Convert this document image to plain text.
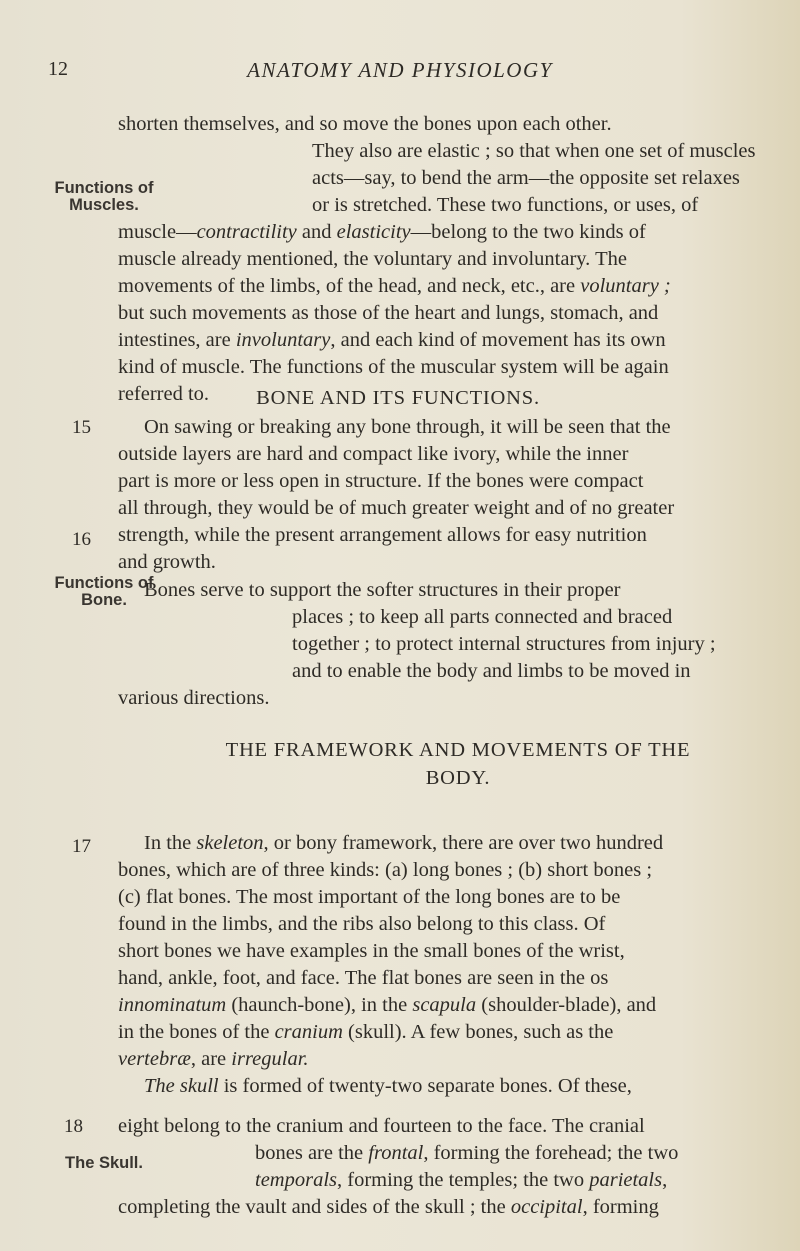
12	ANATOMY AND PHYSIOLOGY
Functions of
Muscles.
Functions of
Bone.
The Skull.
15
16
17
18
shorten themselves, and so move the bones upon each other.
They also are elastic ; so that when one set of muscles
acts—say, to bend the arm—the opposite set relaxes
or is stretched. These two functions, or uses, of
muscle—contractility and elasticity—belong to the two kinds of
muscle already mentioned, the voluntary and involuntary. The
movements of the limbs, of the head, and neck, etc., are voluntary ;
but such movements as those of the heart and lungs, stomach, and
intestines, are involuntary, and each kind of movement has its own
kind of muscle. The functions of the muscular system will be again
referred to.	BONE AND ITS FUNCTIONS.
On sawing or breaking any bone through, it will be seen that the
outside layers are hard and compact like ivory, while the inner
part is more or less open in structure. If the bones were compact
all through, they would be of much greater weight and of no greater
strength, while the present arrangement allows for easy nutrition
and growth.
Bones serve to support the softer structures in their proper
places ; to keep all parts connected and braced
together ; to protect internal structures from injury ;
and to enable the body and limbs to be moved in
various directions.
THE FRAMEWORK AND MOVEMENTS OF THE
BODY.
In the skeleton, or bony framework, there are over two hundred
bones, which are of three kinds: (a) long bones ; (b) short bones ;
(c) flat bones. The most important of the long bones are to be
found in the limbs, and the ribs also belong to this class. Of
short bones we have examples in the small bones of the wrist,
hand, ankle, foot, and face. The flat bones are seen in the os
innominatum (haunch-bone), in the scapula (shoulder-blade), and
in the bones of the cranium (skull). A few bones, such as the
vertebræ, are irregular.
The skull is formed of twenty-two separate bones. Of these,
eight belong to the cranium and fourteen to the face. The cranial
bones are the frontal, forming the forehead; the two
temporals, forming the temples; the two parietals,
completing the vault and sides of the skull ; the occipital, forming
